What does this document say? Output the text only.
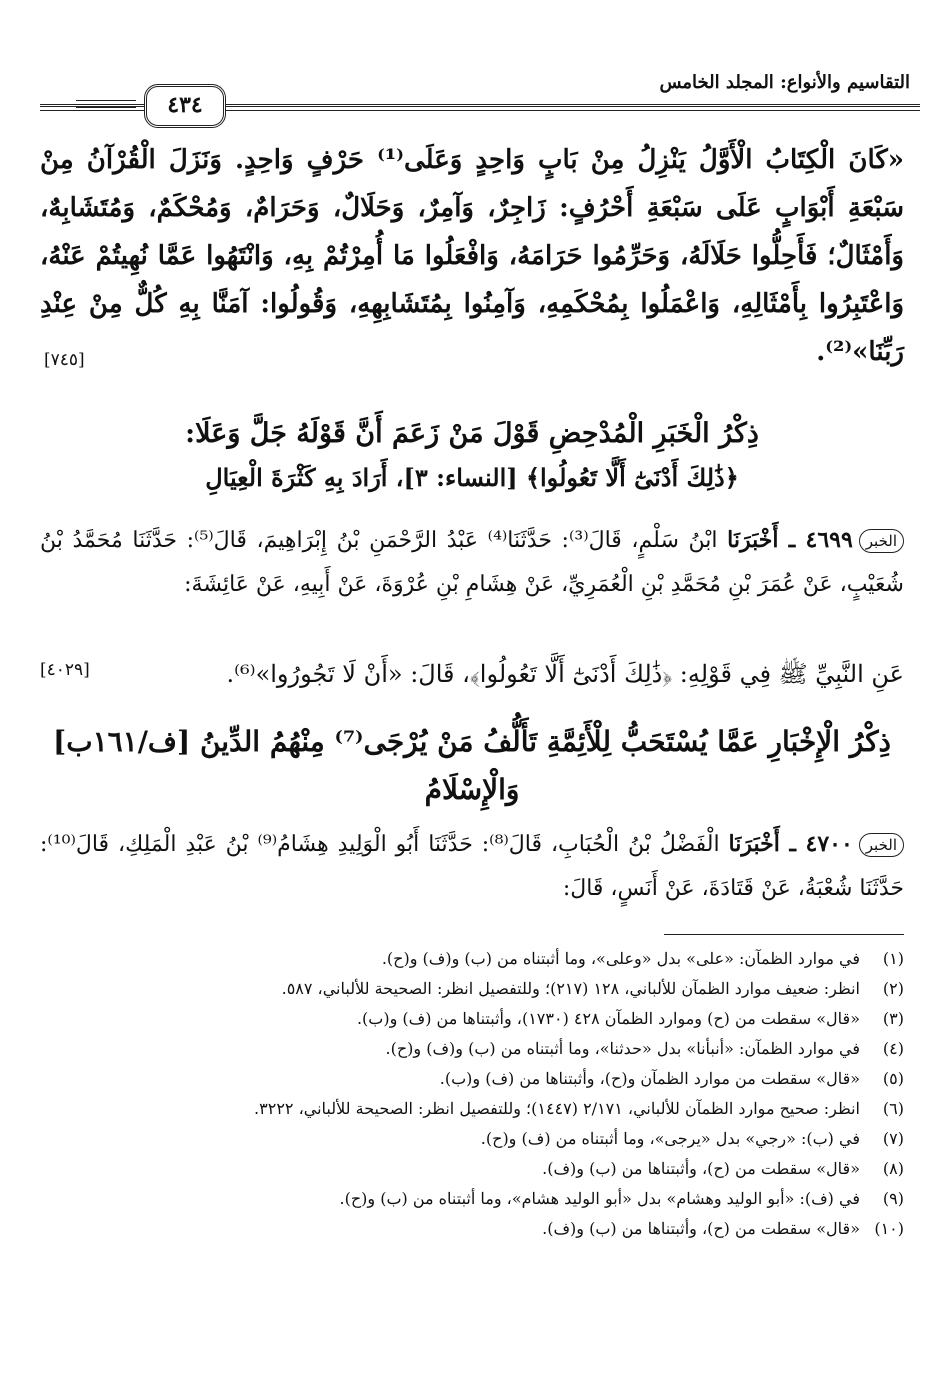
٤٣٤
التقاسيم والأنواع: المجلد الخامس
«كَانَ الْكِتَابُ الْأَوَّلُ يَنْزِلُ مِنْ بَابٍ وَاحِدٍ وَعَلَى⁽¹⁾ حَرْفٍ وَاحِدٍ. وَنَزَلَ الْقُرْآنُ مِنْ سَبْعَةِ أَبْوَابٍ عَلَى سَبْعَةِ أَحْرُفٍ: زَاجِرٌ، وَآمِرٌ، وَحَلَالٌ، وَحَرَامٌ، وَمُحْكَمٌ، وَمُتَشَابِهٌ، وَأَمْثَالٌ؛ فَأَحِلُّوا حَلَالَهُ، وَحَرِّمُوا حَرَامَهُ، وَافْعَلُوا مَا أُمِرْتُمْ بِهِ، وَانْتَهُوا عَمَّا نُهِيتُمْ عَنْهُ، وَاعْتَبِرُوا بِأَمْثَالِهِ، وَاعْمَلُوا بِمُحْكَمِهِ، وَآمِنُوا بِمُتَشَابِهِهِ، وَقُولُوا: آمَنَّا بِهِ كُلٌّ مِنْ عِنْدِ رَبِّنَا»⁽²⁾.
[٧٤٥]
ذِكْرُ الْخَبَرِ الْمُدْحِضِ قَوْلَ مَنْ زَعَمَ أَنَّ قَوْلَهُ جَلَّ وَعَلَا:
﴿ذَٰلِكَ أَدْنَىٰٓ أَلَّا تَعُولُوا﴾ [النساء: ٣]، أَرَادَ بِهِ كَثْرَةَ الْعِيَالِ
الخبر٤٦٩٩ ـ أَخْبَرَنَا ابْنُ سَلْمٍ، قَالَ⁽³⁾: حَدَّثَنَا⁽⁴⁾ عَبْدُ الرَّحْمَنِ بْنُ إِبْرَاهِيمَ، قَالَ⁽⁵⁾: حَدَّثَنَا مُحَمَّدُ بْنُ شُعَيْبٍ، عَنْ عُمَرَ بْنِ مُحَمَّدِ بْنِ الْعُمَرِيِّ، عَنْ هِشَامِ بْنِ عُرْوَةَ، عَنْ أَبِيهِ، عَنْ عَائِشَةَ:
عَنِ النَّبِيِّ ﷺ فِي قَوْلِهِ: ﴿ذَٰلِكَ أَدْنَىٰٓ أَلَّا تَعُولُوا﴾، قَالَ: «أَنْ لَا تَجُورُوا»⁽⁶⁾.
[٤٠٢٩]
ذِكْرُ الْإِخْبَارِ عَمَّا يُسْتَحَبُّ لِلْأَئِمَّةِ تَأَلُّفُ مَنْ يُرْجَى⁽⁷⁾ مِنْهُمُ الدِّينُ [ف/١٦١ب] وَالْإِسْلَامُ
الخبر٤٧٠٠ ـ أَخْبَرَنَا الْفَضْلُ بْنُ الْحُبَابِ، قَالَ⁽⁸⁾: حَدَّثَنَا أَبُو الْوَلِيدِ هِشَامُ⁽⁹⁾ بْنُ عَبْدِ الْمَلِكِ، قَالَ⁽¹⁰⁾: حَدَّثَنَا شُعْبَةُ، عَنْ قَتَادَةَ، عَنْ أَنَسٍ، قَالَ:
(١)
في موارد الظمآن: «على» بدل «وعلى»، وما أثبتناه من (ب) و(ف) و(ح).
(٢)
انظر: ضعيف موارد الظمآن للألباني، ١٢٨ (٢١٧)؛ وللتفصيل انظر: الصحيحة للألباني، ٥٨٧.
(٣)
«قال» سقطت من (ح) وموارد الظمآن ٤٢٨ (١٧٣٠)، وأثبتناها من (ف) و(ب).
(٤)
في موارد الظمآن: «أنبأنا» بدل «حدثنا»، وما أثبتناه من (ب) و(ف) و(ح).
(٥)
«قال» سقطت من موارد الظمآن و(ح)، وأثبتناها من (ف) و(ب).
(٦)
انظر: صحيح موارد الظمآن للألباني، ٢/١٧١ (١٤٤٧)؛ وللتفصيل انظر: الصحيحة للألباني، ٣٢٢٢.
(٧)
في (ب): «رجي» بدل «يرجى»، وما أثبتناه من (ف) و(ح).
(٨)
«قال» سقطت من (ح)، وأثبتناها من (ب) و(ف).
(٩)
في (ف): «أبو الوليد وهشام» بدل «أبو الوليد هشام»، وما أثبتناه من (ب) و(ح).
(١٠)
«قال» سقطت من (ح)، وأثبتناها من (ب) و(ف).
